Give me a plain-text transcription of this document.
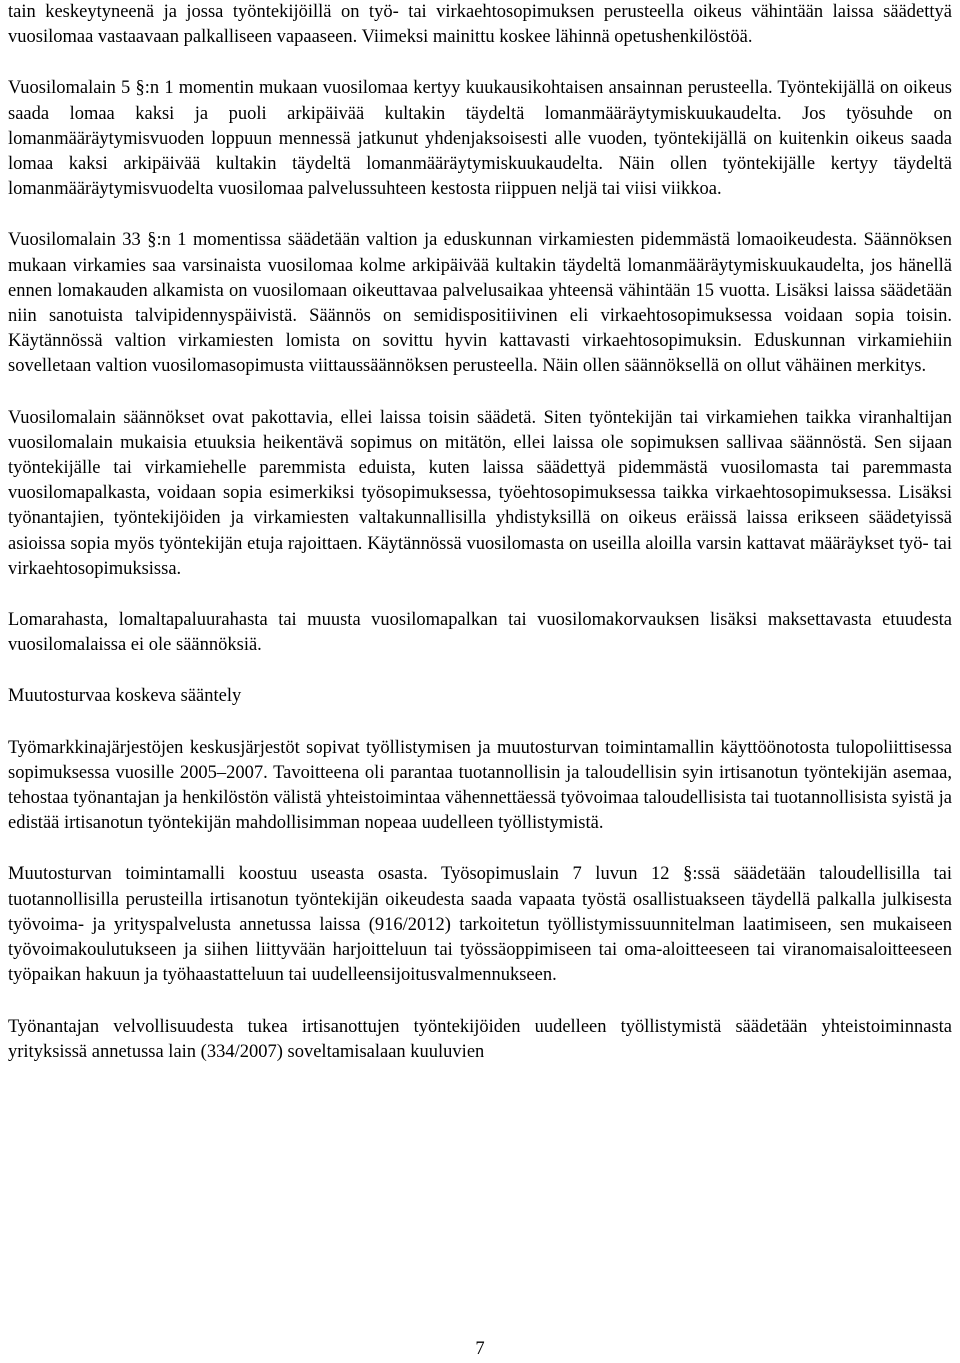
tain keskeytyneenä ja jossa työntekijöillä on työ- tai virkaehtosopimuksen perusteella oikeus vähintään laissa säädettyä vuosilomaa vastaavaan palkalliseen vapaaseen. Viimeksi mainittu koskee lähinnä opetushenkilöstöä.

Vuosilomalain 5 §:n 1 momentin mukaan vuosilomaa kertyy kuukausikohtaisen ansainnan perusteella. Työntekijällä on oikeus saada lomaa kaksi ja puoli arkipäivää kultakin täydeltä lomanmääräytymiskuukaudelta. Jos työsuhde on lomanmääräytymisvuoden loppuun mennessä jatkunut yhdenjaksoisesti alle vuoden, työntekijällä on kuitenkin oikeus saada lomaa kaksi arkipäivää kultakin täydeltä lomanmääräytymiskuukaudelta. Näin ollen työntekijälle kertyy täydeltä lomanmääräytymisvuodelta vuosilomaa palvelussuhteen kestosta riippuen neljä tai viisi viikkoa.

Vuosilomalain 33 §:n 1 momentissa säädetään valtion ja eduskunnan virkamiesten pidemmästä lomaoikeudesta. Säännöksen mukaan virkamies saa varsinaista vuosilomaa kolme arkipäivää kultakin täydeltä lomanmääräytymiskuukaudelta, jos hänellä ennen lomakauden alkamista on vuosilomaan oikeuttavaa palvelusaikaa yhteensä vähintään 15 vuotta. Lisäksi laissa säädetään niin sanotuista talvipidennyspäivistä. Säännös on semidispositiivinen eli virkaehtosopimuksessa voidaan sopia toisin. Käytännössä valtion virkamiesten lomista on sovittu hyvin kattavasti virkaehtosopimuksin. Eduskunnan virkamiehiin sovelletaan valtion vuosilomasopimusta viittaussäännöksen perusteella. Näin ollen säännöksellä on ollut vähäinen merkitys.

Vuosilomalain säännökset ovat pakottavia, ellei laissa toisin säädetä. Siten työntekijän tai virkamiehen taikka viranhaltijan vuosilomalain mukaisia etuuksia heikentävä sopimus on mitätön, ellei laissa ole sopimuksen sallivaa säännöstä. Sen sijaan työntekijälle tai virkamiehelle paremmista eduista, kuten laissa säädettyä pidemmästä vuosilomasta tai paremmasta vuosilomapalkasta, voidaan sopia esimerkiksi työsopimuksessa, työehtosopimuksessa taikka virkaehtosopimuksessa. Lisäksi työnantajien, työntekijöiden ja virkamiesten valtakunnallisilla yhdistyksillä on oikeus eräissä laissa erikseen säädetyissä asioissa sopia myös työntekijän etuja rajoittaen. Käytännössä vuosilomasta on useilla aloilla varsin kattavat määräykset työ- tai virkaehtosopimuksissa.

Lomarahasta, lomaltapaluurahasta tai muusta vuosilomapalkan tai vuosilomakorvauksen lisäksi maksettavasta etuudesta vuosilomalaissa ei ole säännöksiä.

Muutosturvaa koskeva sääntely

Työmarkkinajärjestöjen keskusjärjestöt sopivat työllistymisen ja muutosturvan toimintamallin käyttöönotosta tulopoliittisessa sopimuksessa vuosille 2005–2007. Tavoitteena oli parantaa tuotannollisin ja taloudellisin syin irtisanotun työntekijän asemaa, tehostaa työnantajan ja henkilöstön välistä yhteistoimintaa vähennettäessä työvoimaa taloudellisista tai tuotannollisista syistä ja edistää irtisanotun työntekijän mahdollisimman nopeaa uudelleen työllistymistä.

Muutosturvan toimintamalli koostuu useasta osasta. Työsopimuslain 7 luvun 12 §:ssä säädetään taloudellisilla tai tuotannollisilla perusteilla irtisanotun työntekijän oikeudesta saada vapaata työstä osallistuakseen täydellä palkalla julkisesta työvoima- ja yrityspalvelusta annetussa laissa (916/2012) tarkoitetun työllistymissuunnitelman laatimiseen, sen mukaiseen työvoimakoulutukseen ja siihen liittyvään harjoitteluun tai työssäoppimiseen tai oma-aloitteeseen tai viranomaisaloitteeseen työpaikan hakuun ja työhaastatteluun tai uudelleensijoitusvalmennukseen.

Työnantajan velvollisuudesta tukea irtisanottujen työntekijöiden uudelleen työllistymistä säädetään yhteistoiminnasta yrityksissä annetussa lain (334/2007) soveltamisalaan kuuluvien

7
